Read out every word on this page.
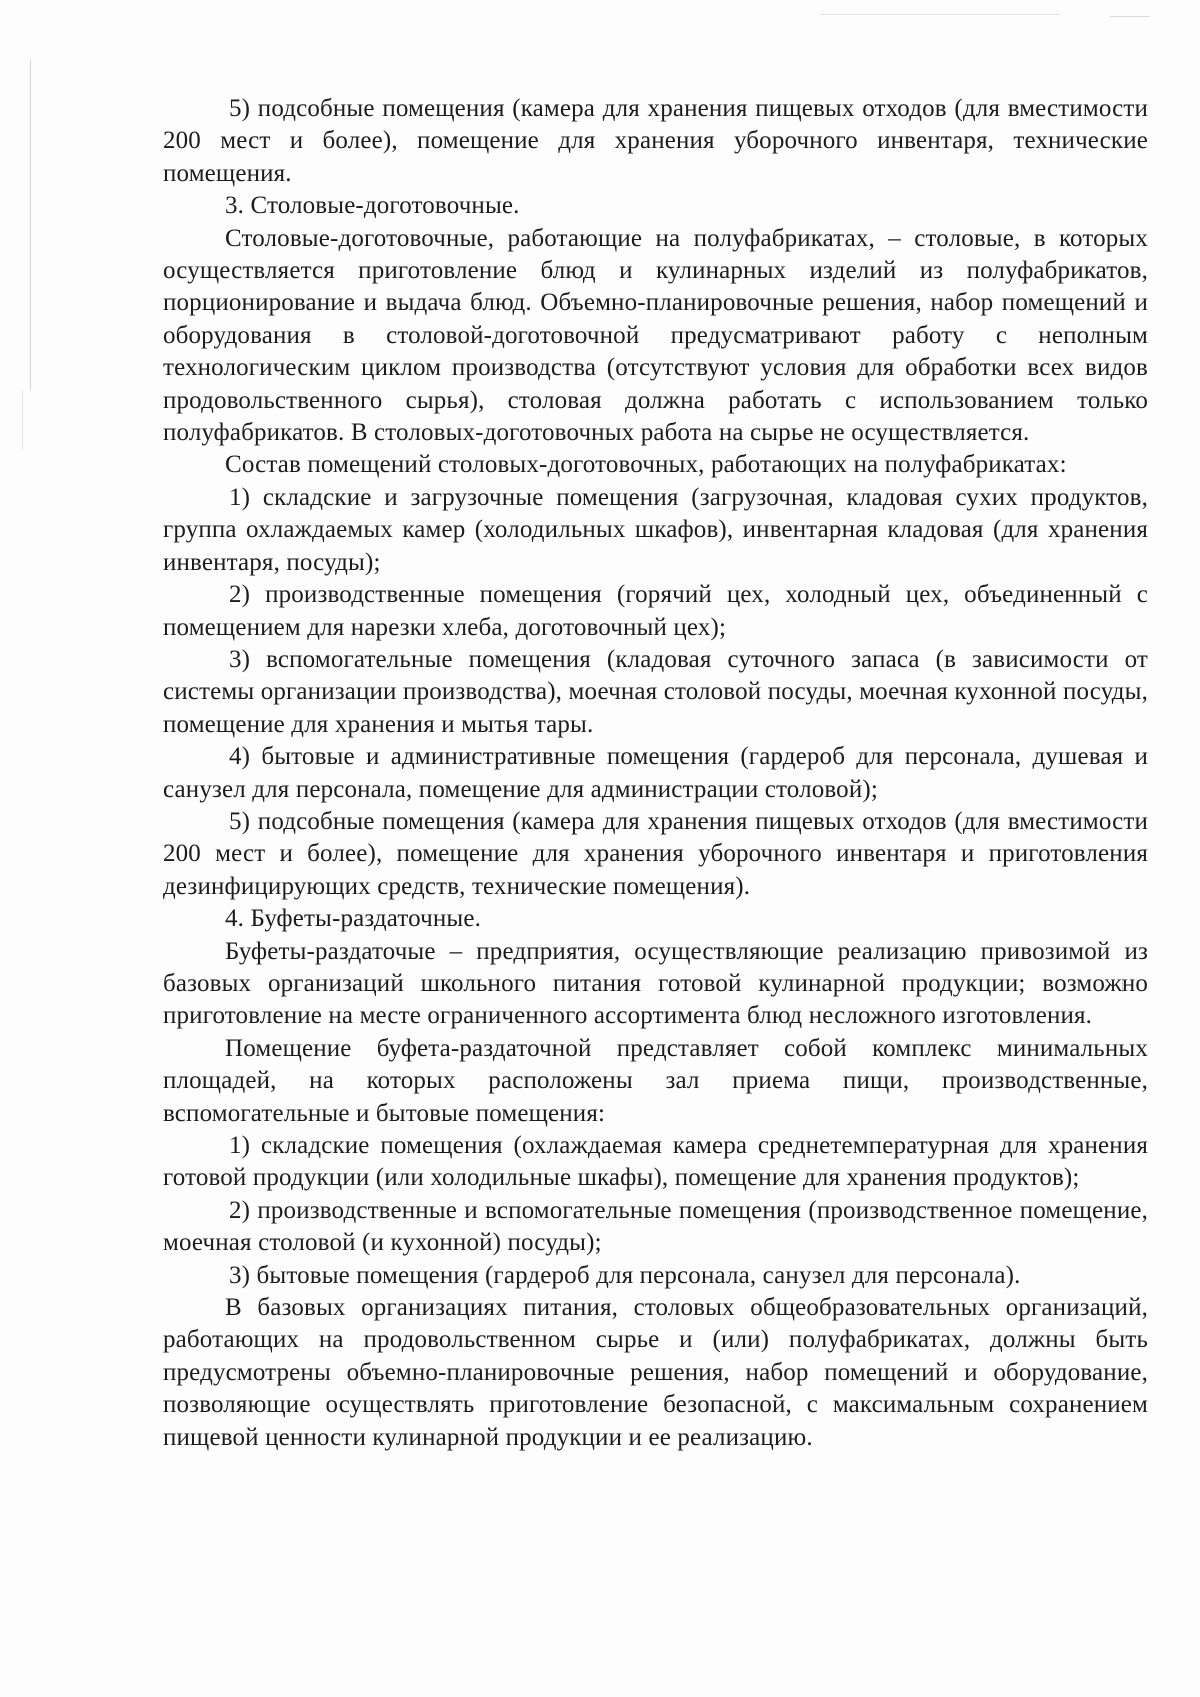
5) подсобные помещения (камера для хранения пищевых отходов (для вместимости 200 мест и более), помещение для хранения уборочного инвентаря, технические помещения.

3. Столовые-доготовочные.

Столовые-доготовочные, работающие на полуфабрикатах, – столовые, в которых осуществляется приготовление блюд и кулинарных изделий из полуфабрикатов, порционирование и выдача блюд. Объемно-планировочные решения, набор помещений и оборудования в столовой-доготовочной предусматривают работу с неполным технологическим циклом производства (отсутствуют условия для обработки всех видов продовольственного сырья), столовая должна работать с использованием только полуфабрикатов. В столовых-доготовочных работа на сырье не осуществляется.

Состав помещений столовых-доготовочных, работающих на полуфабрикатах:

1) складские и загрузочные помещения (загрузочная, кладовая сухих продуктов, группа охлаждаемых камер (холодильных шкафов), инвентарная кладовая (для хранения инвентаря, посуды);

2) производственные помещения (горячий цех, холодный цех, объединенный с помещением для нарезки хлеба, доготовочный цех);

3) вспомогательные помещения (кладовая суточного запаса (в зависимости от системы организации производства), моечная столовой посуды, моечная кухонной посуды, помещение для хранения и мытья тары.

4) бытовые и административные помещения (гардероб для персонала, душевая и санузел для персонала, помещение для администрации столовой);

5) подсобные помещения (камера для хранения пищевых отходов (для вместимости 200 мест и более), помещение для хранения уборочного инвентаря и приготовления дезинфицирующих средств, технические помещения).

4. Буфеты-раздаточные.

Буфеты-раздаточые – предприятия, осуществляющие реализацию привозимой из базовых организаций школьного питания готовой кулинарной продукции; возможно приготовление на месте ограниченного ассортимента блюд несложного изготовления.

Помещение буфета-раздаточной представляет собой комплекс минимальных площадей, на которых расположены зал приема пищи, производственные, вспомогательные и бытовые помещения:

1) складские помещения (охлаждаемая камера среднетемпературная для хранения готовой продукции (или холодильные шкафы), помещение для хранения продуктов);

2) производственные и вспомогательные помещения (производственное помещение, моечная столовой (и кухонной) посуды);

3) бытовые помещения (гардероб для персонала, санузел для персонала).

В базовых организациях питания, столовых общеобразовательных организаций, работающих на продовольственном сырье и (или) полуфабрикатах, должны быть предусмотрены объемно-планировочные решения, набор помещений и оборудование, позволяющие осуществлять приготовление безопасной, с максимальным сохранением пищевой ценности кулинарной продукции и ее реализацию.
